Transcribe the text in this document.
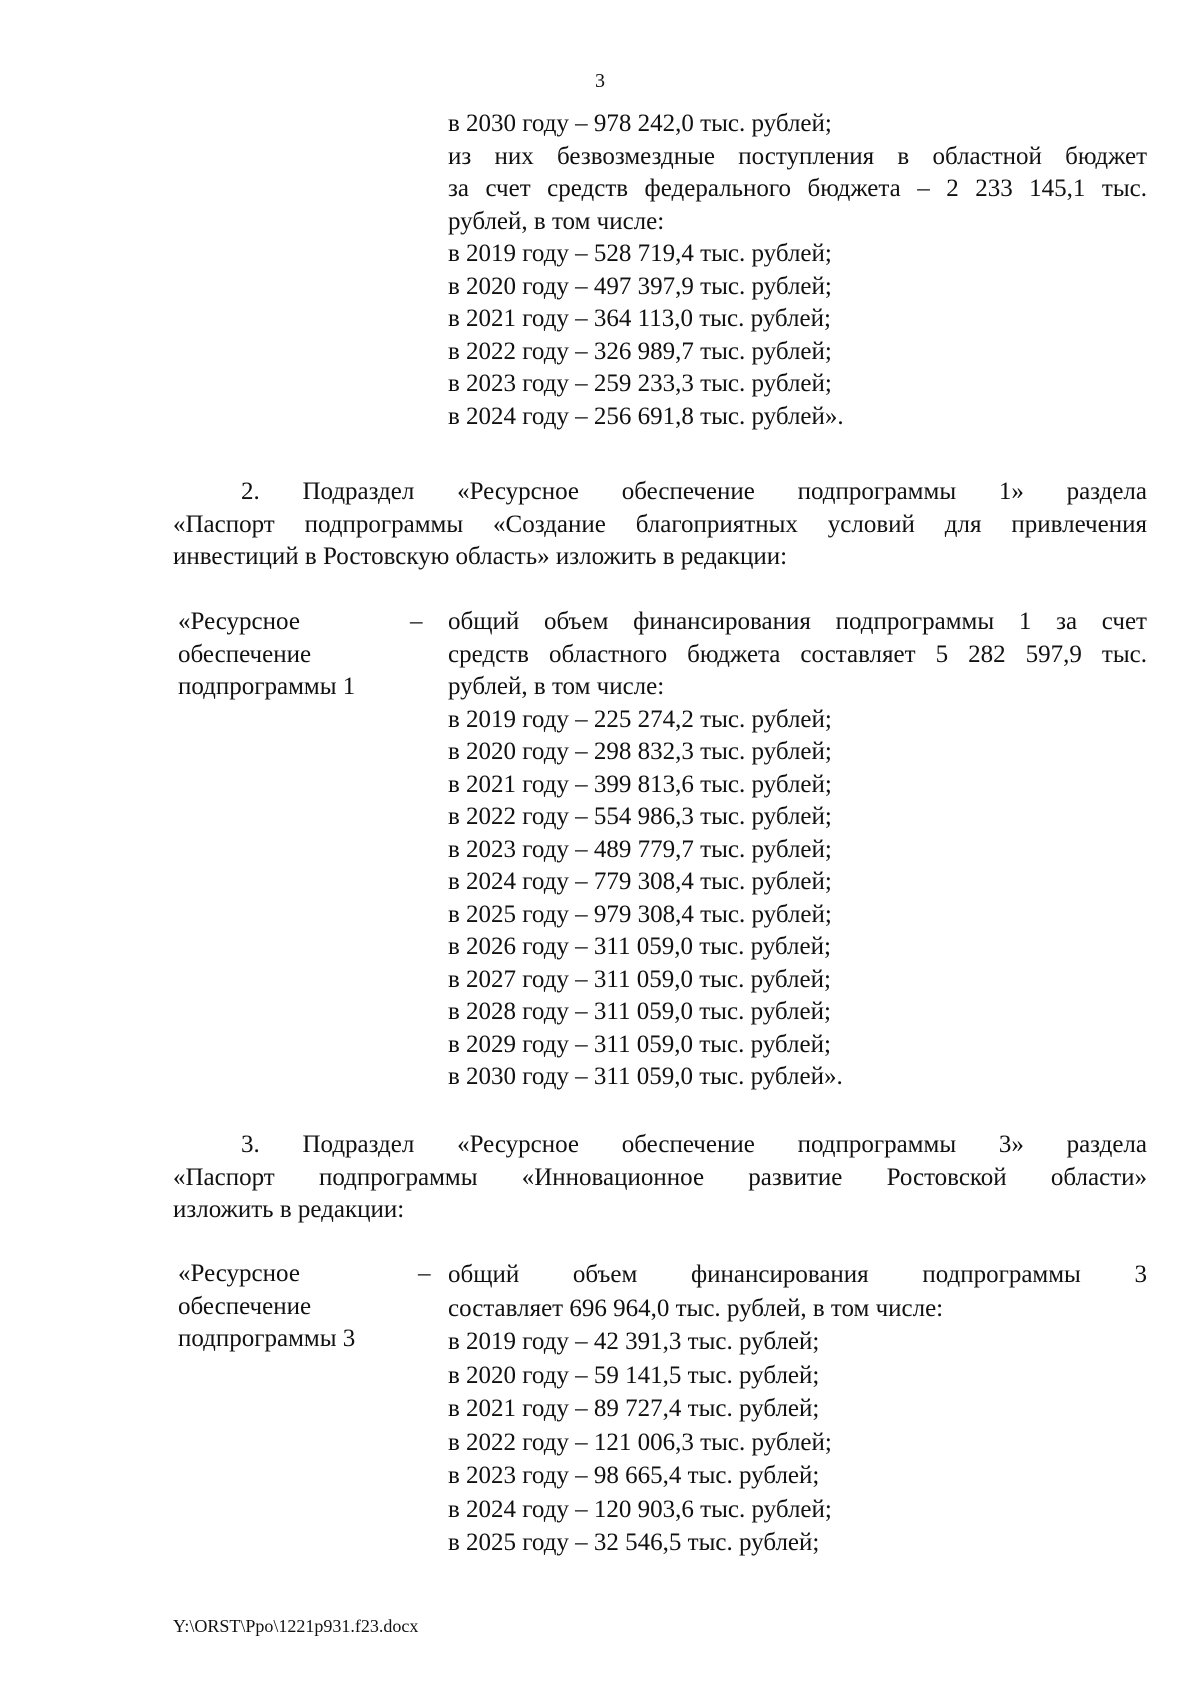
3
в 2030 году – 978 242,0 тыс. рублей;
из них безвозмездные поступления в областной бюджет
за счет средств федерального бюджета – 2 233 145,1 тыс.
рублей, в том числе:
в 2019 году – 528 719,4 тыс. рублей;
в 2020 году – 497 397,9 тыс. рублей;
в 2021 году – 364 113,0 тыс. рублей;
в 2022 году – 326 989,7 тыс. рублей;
в 2023 году – 259 233,3 тыс. рублей;
в 2024 году – 256 691,8 тыс. рублей».
2. Подраздел «Ресурсное обеспечение подпрограммы 1» раздела
«Паспорт подпрограммы «Создание благоприятных условий для привлечения
инвестиций в Ростовскую область» изложить в редакции:
«Ресурсное
обеспечение
подпрограммы 1
– общий объем финансирования подпрограммы 1 за счет
средств областного бюджета составляет 5 282 597,9 тыс.
рублей, в том числе:
в 2019 году – 225 274,2 тыс. рублей;
в 2020 году – 298 832,3 тыс. рублей;
в 2021 году – 399 813,6 тыс. рублей;
в 2022 году – 554 986,3 тыс. рублей;
в 2023 году – 489 779,7 тыс. рублей;
в 2024 году – 779 308,4 тыс. рублей;
в 2025 году – 979 308,4 тыс. рублей;
в 2026 году – 311 059,0 тыс. рублей;
в 2027 году – 311 059,0 тыс. рублей;
в 2028 году – 311 059,0 тыс. рублей;
в 2029 году – 311 059,0 тыс. рублей;
в 2030 году – 311 059,0 тыс. рублей».
3. Подраздел «Ресурсное обеспечение подпрограммы 3» раздела
«Паспорт подпрограммы «Инновационное развитие Ростовской области»
изложить в редакции:
«Ресурсное
обеспечение
подпрограммы 3
– общий объем финансирования подпрограммы 3
составляет 696 964,0 тыс. рублей, в том числе:
в 2019 году – 42 391,3 тыс. рублей;
в 2020 году – 59 141,5 тыс. рублей;
в 2021 году – 89 727,4 тыс. рублей;
в 2022 году – 121 006,3 тыс. рублей;
в 2023 году – 98 665,4 тыс. рублей;
в 2024 году – 120 903,6 тыс. рублей;
в 2025 году – 32 546,5 тыс. рублей;
Y:\ORST\Ppo\1221p931.f23.docx
